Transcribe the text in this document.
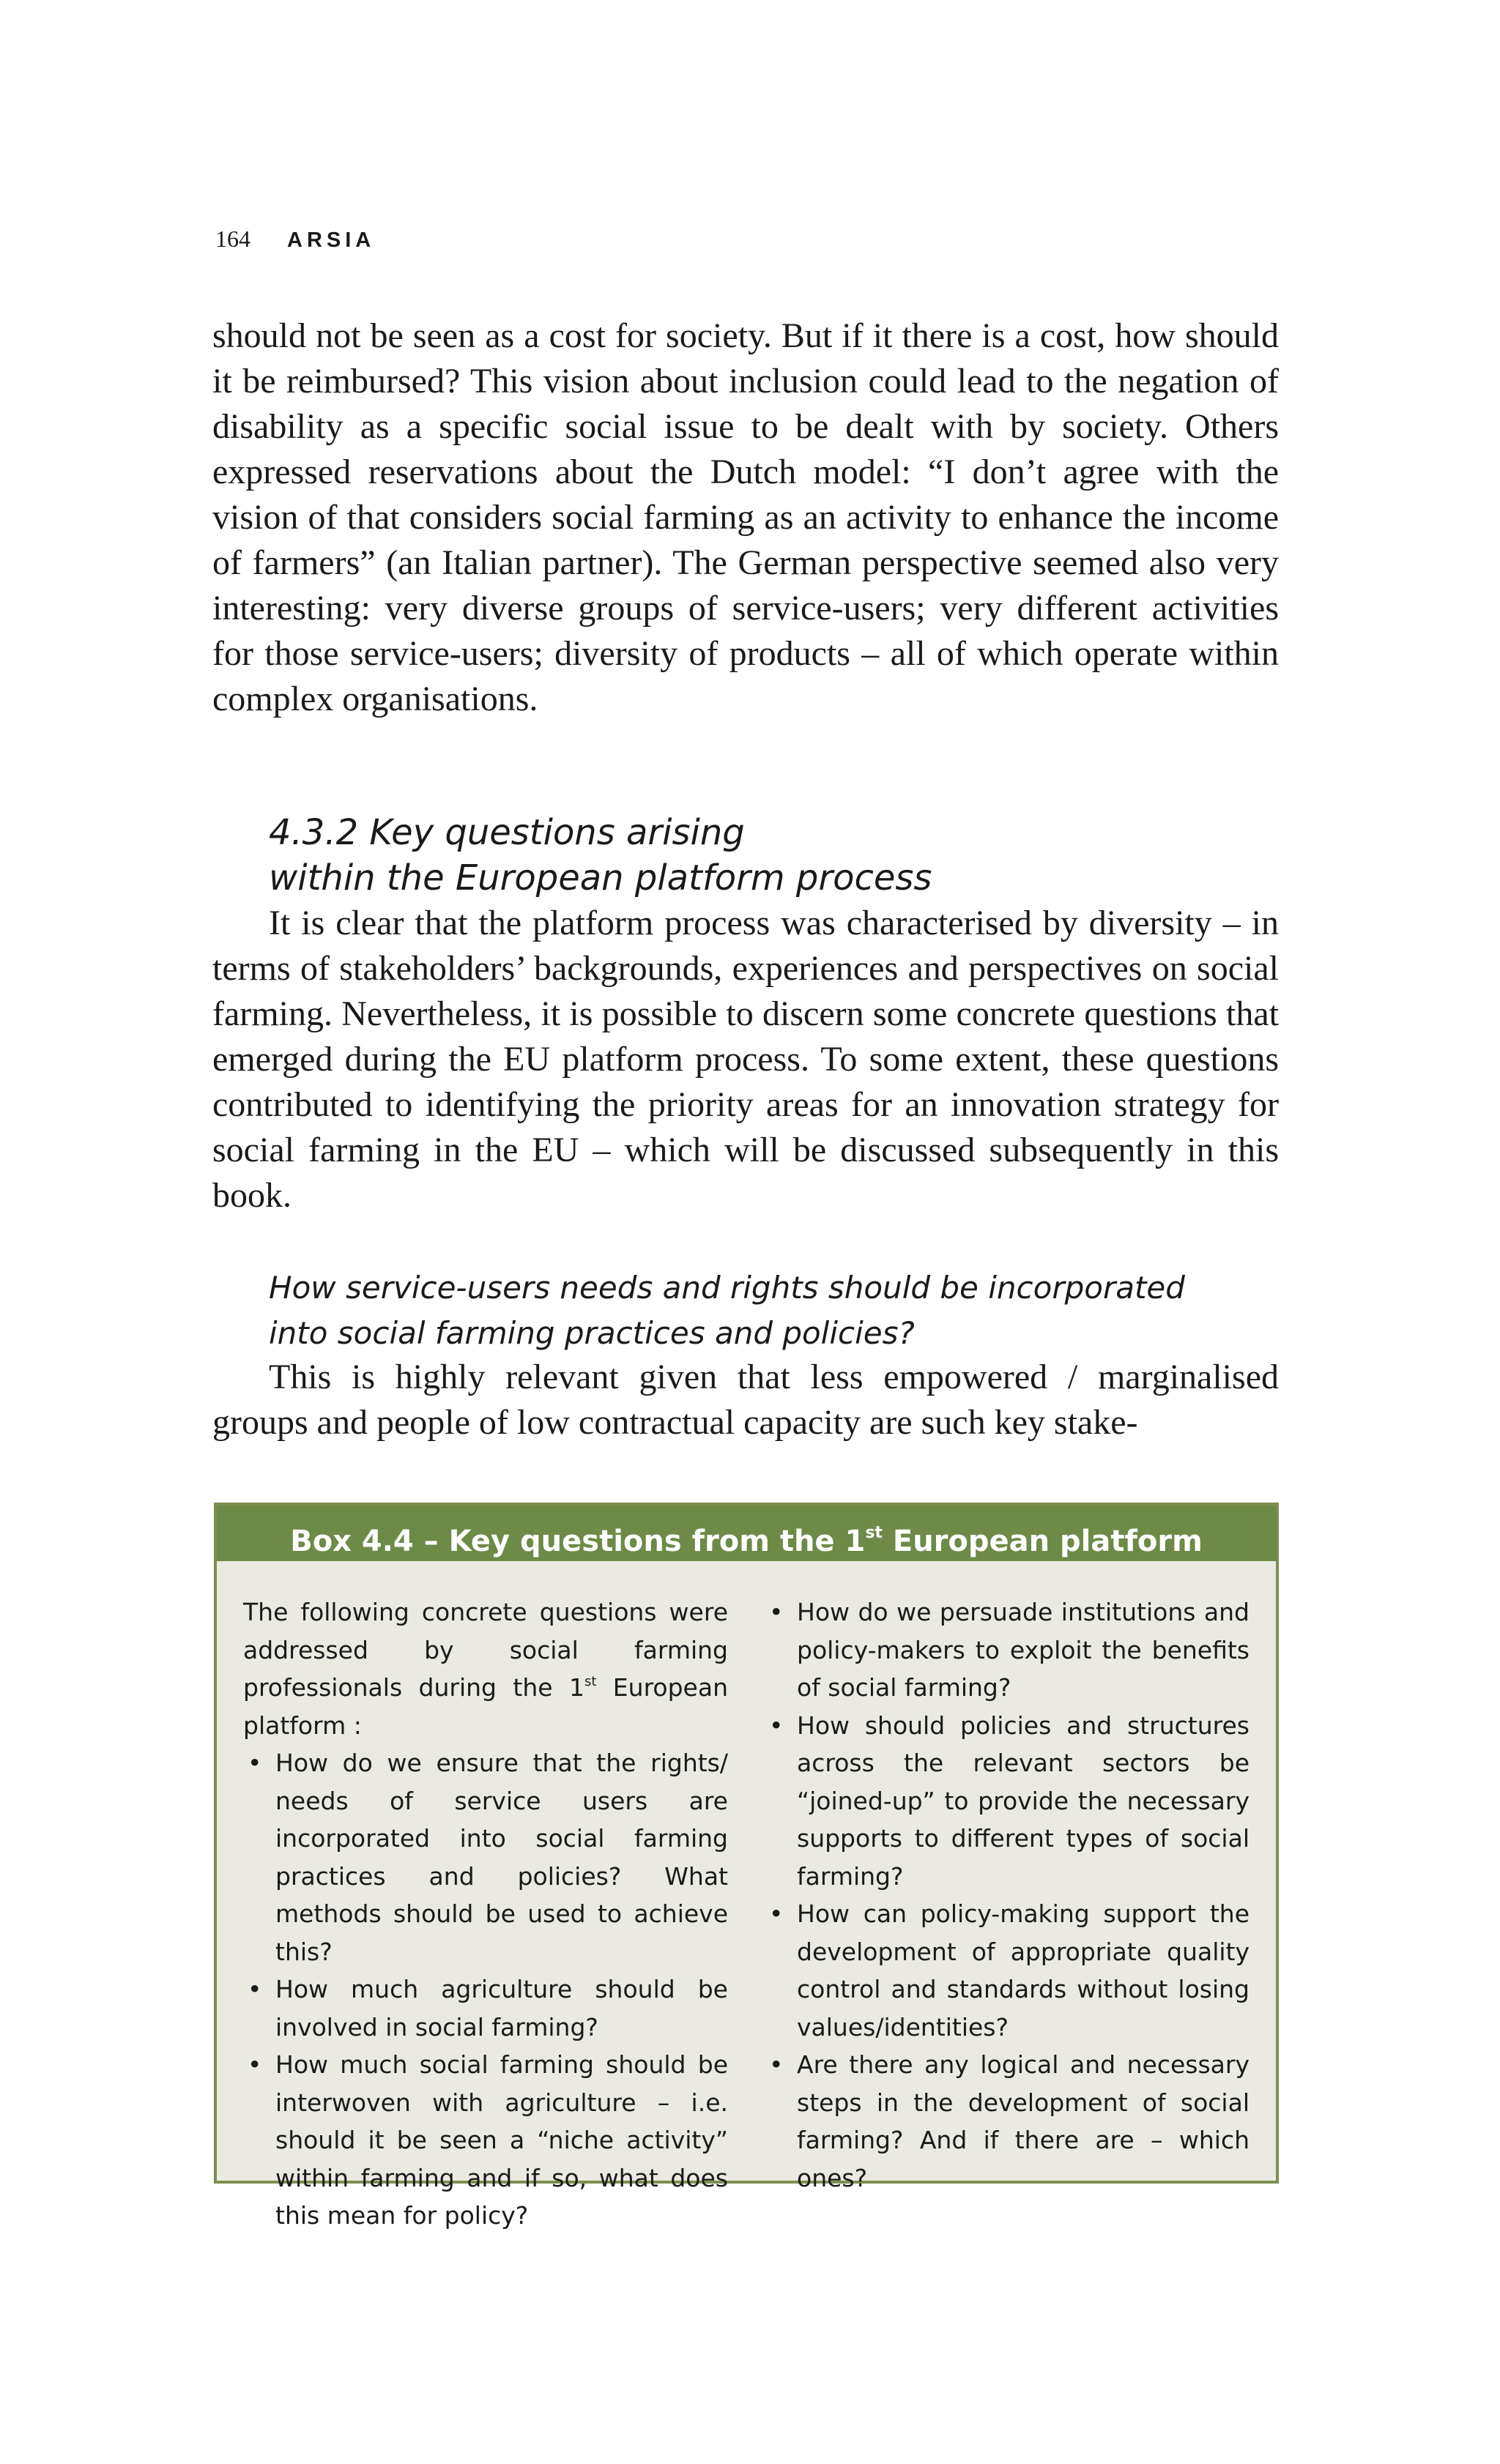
164 ARSIA

should not be seen as a cost for society. But if it there is a cost, how should it be reimbursed? This vision about inclusion could lead to the negation of disability as a specific social issue to be dealt with by society. Others expressed reservations about the Dutch model: “I don’t agree with the vision of that considers social farming as an activity to enhance the income of farmers” (an Italian partner). The German perspective seemed also very interesting: very diverse groups of service-users; very different activities for those service-users; diversity of products – all of which operate within complex organisations.

4.3.2 Key questions arising
within the European platform process

It is clear that the platform process was characterised by diversity – in terms of stakeholders’ backgrounds, experiences and perspectives on social farming. Nevertheless, it is possible to discern some concrete questions that emerged during the EU platform process. To some extent, these questions contributed to identifying the priority areas for an innovation strategy for social farming in the EU – which will be discussed subsequently in this book.

How service-users needs and rights should be incorporated
into social farming practices and policies?

This is highly relevant given that less empowered / marginalised groups and people of low contractual capacity are such key stake-

Box 4.4 – Key questions from the 1st European platform

The following concrete questions were addressed by social farming professionals during the 1st European platform :

• How do we ensure that the rights/ needs of service users are incorporated into social farming practices and policies? What methods should be used to achieve this?
• How much agriculture should be involved in social farming?
• How much social farming should be interwoven with agriculture – i.e. should it be seen a “niche activity” within farming and if so, what does this mean for policy?
• How do we persuade institutions and policy-makers to exploit the benefits of social farming?
• How should policies and structures across the relevant sectors be “joined-up” to provide the necessary supports to different types of social farming?
• How can policy-making support the development of appropriate quality control and standards without losing values/identities?
• Are there any logical and necessary steps in the development of social farming? And if there are – which ones?
